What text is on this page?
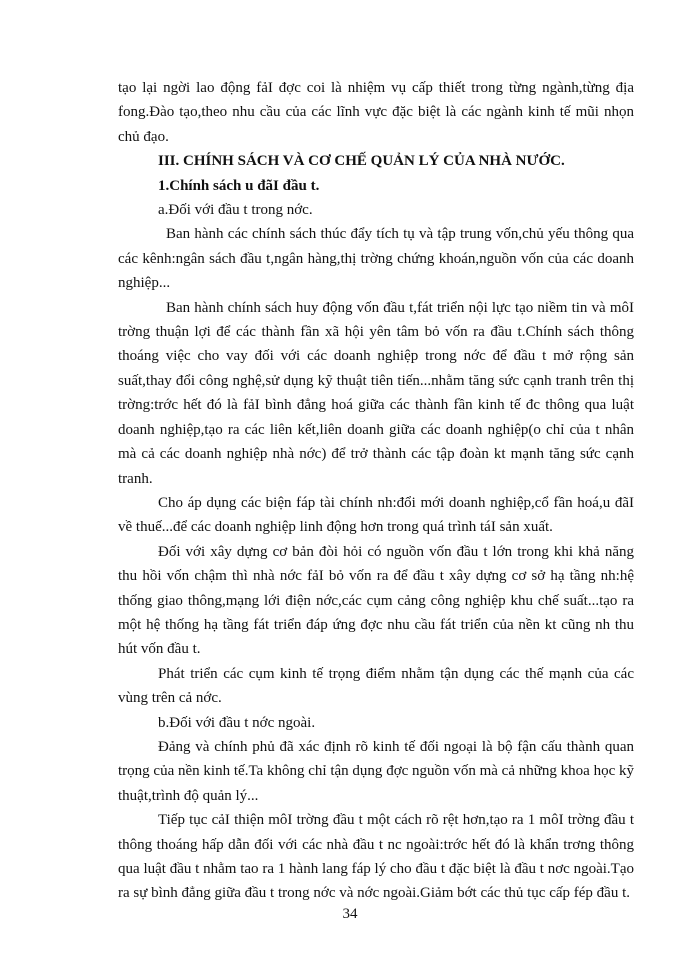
tạo lại ngời lao động fảI đợc coi là nhiệm vụ cấp thiết trong từng ngành,từng địa fong.Đào tạo,theo nhu cầu của các lĩnh vực đặc biệt là các ngành kinh tế mũi nhọn chủ đạo.

III. CHÍNH SÁCH VÀ CƠ CHẾ QUẢN LÝ CỦA NHÀ NƯỚC.

1.Chính sách u đãI đầu t.

a.Đối với đầu t trong nớc.

Ban hành các chính sách thúc đẩy tích tụ và tập trung vốn,chủ yếu thông qua các kênh:ngân sách đầu t,ngân hàng,thị trờng chứng khoán,nguồn vốn của các doanh nghiệp...

Ban hành chính sách huy động vốn đầu t,fát triển nội lực tạo niềm tin và môI trờng thuận lợi để các thành fần xã hội yên tâm bỏ vốn ra đầu t.Chính sách thông thoáng việc cho vay đối với các doanh nghiệp trong nớc để đầu t mở rộng sản suất,thay đổi công nghệ,sử dụng kỹ thuật tiên tiến...nhằm tăng sức cạnh tranh trên thị trờng:trớc hết đó là fảI bình đẳng hoá giữa các thành fần kinh tế đc thông qua luật doanh nghiệp,tạo ra các liên kết,liên doanh giữa các doanh nghiệp(o chỉ của t nhân mà cả các doanh nghiệp nhà nớc) để trở thành các tập đoàn kt mạnh tăng sức cạnh tranh.

Cho áp dụng các biện fáp tài chính nh:đổi mới doanh nghiệp,cổ fần hoá,u đãI về thuế...để các doanh nghiệp linh động hơn trong quá trình táI sản xuất.

Đối với xây dựng cơ bản đòi hỏi có nguồn vốn đầu t lớn trong khi khả năng thu hồi vốn chậm thì nhà nớc fảI bỏ vốn ra để đầu t xây dựng cơ sở hạ tầng nh:hệ thống giao thông,mạng lới điện nớc,các cụm cảng công nghiệp khu chế suất...tạo ra một hệ thống hạ tầng fát triển đáp ứng đợc nhu cầu fát triển của nền kt cũng nh thu hút vốn đầu t.

Phát triển các cụm kinh tế trọng điểm nhằm tận dụng các thế mạnh của các vùng trên cả nớc.

b.Đối với đầu t nớc ngoài.

Đảng và chính phủ đã xác định rõ kinh tế đối ngoại là bộ fận cấu thành quan trọng của nền kinh tế.Ta không chỉ tận dụng đợc nguồn vốn mà cả những khoa học kỹ thuật,trình độ quản lý...

Tiếp tục cảI thiện môI trờng đầu t một cách rõ rệt hơn,tạo ra 1 môI trờng đầu t thông thoáng hấp dẫn đối với các nhà đầu t nc ngoài:trớc hết đó là khẩn trơng thông qua luật đầu t nhằm tao ra 1 hành lang fáp lý cho đầu t đặc biệt là đầu t nơc ngoài.Tạo ra sự bình đẳng giữa đầu t trong nớc và nớc ngoài.Giảm bớt các thủ tục cấp fép đầu t.

34
